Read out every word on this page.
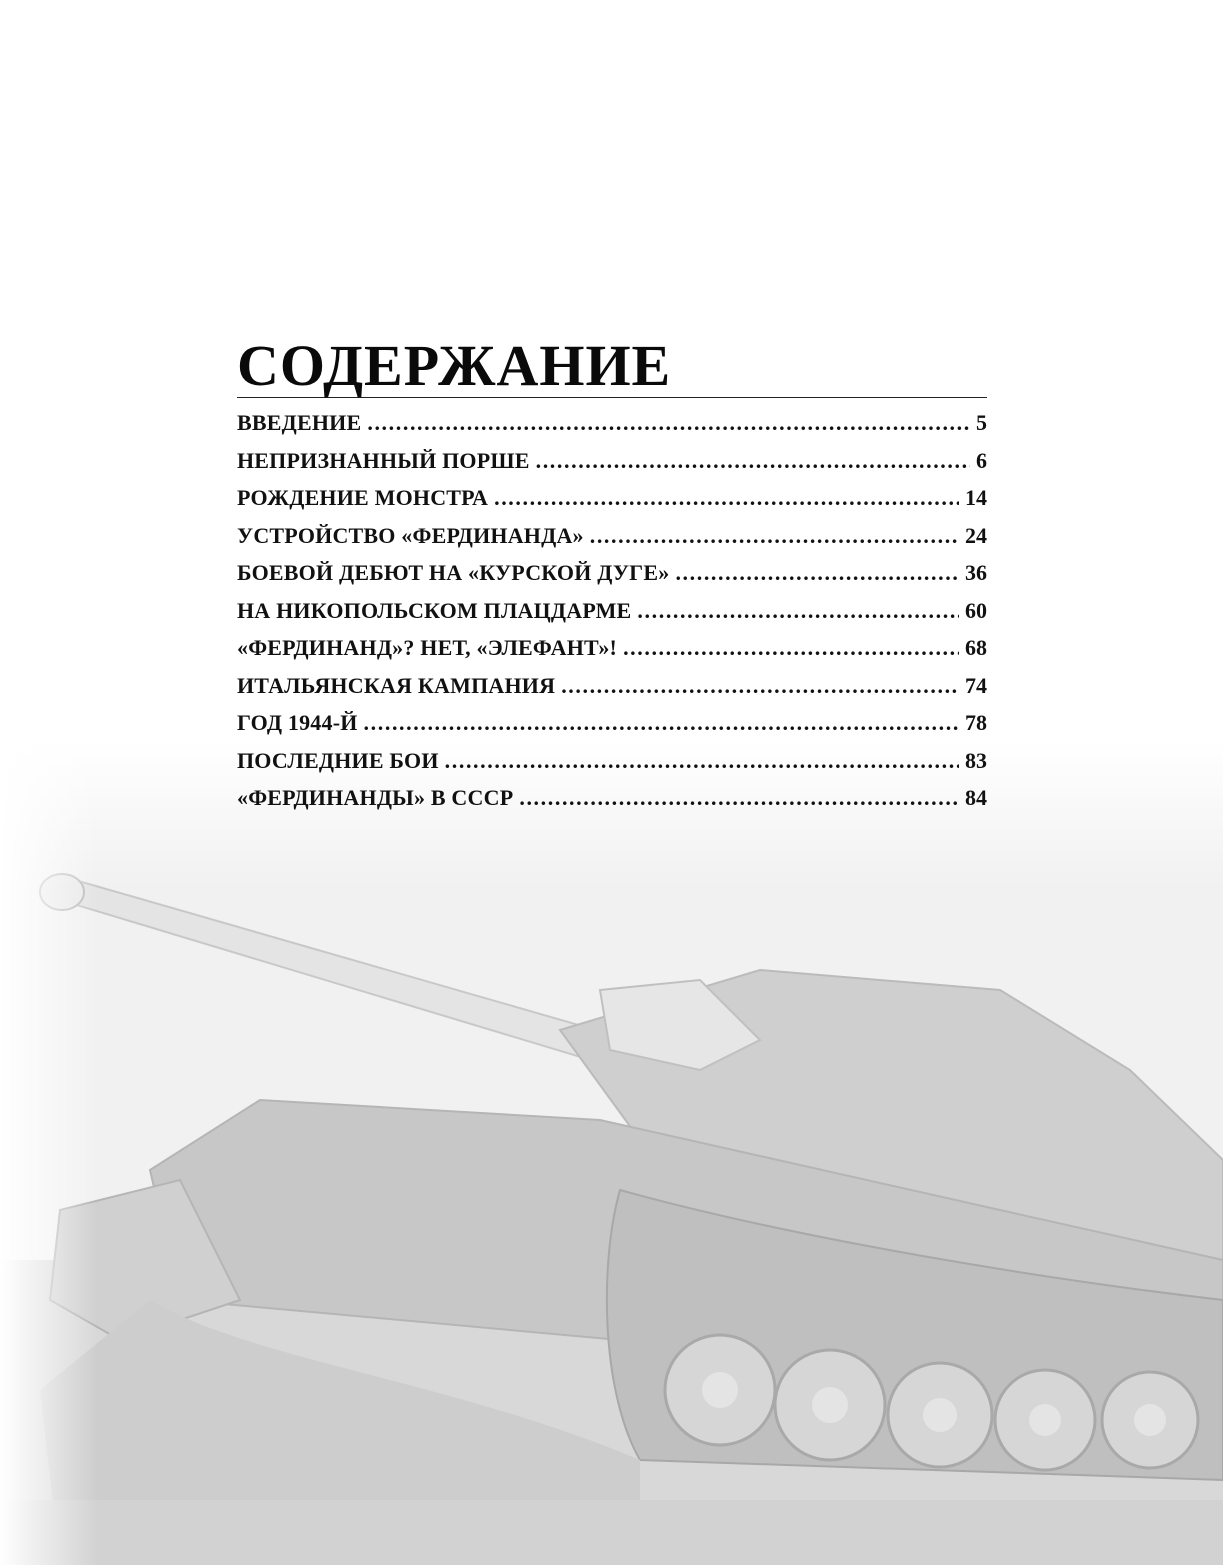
СОДЕРЖАНИЕ
ВВЕДЕНИЕ .....	5
НЕПРИЗНАННЫЙ ПОРШЕ .....	6
РОЖДЕНИЕ МОНСТРА .....	14
УСТРОЙСТВО «ФЕРДИНАНДА» .....	24
БОЕВОЙ ДЕБЮТ НА «КУРСКОЙ ДУГЕ» .....	36
НА НИКОПОЛЬСКОМ ПЛАЦДАРМЕ .....	60
«ФЕРДИНАНД»? НЕТ, «ЭЛЕФАНТ»! .....	68
ИТАЛЬЯНСКАЯ КАМПАНИЯ .....	74
ГОД 1944-Й .....	78
ПОСЛЕДНИЕ БОИ .....	83
«ФЕРДИНАНДЫ» В СССР .....	84
